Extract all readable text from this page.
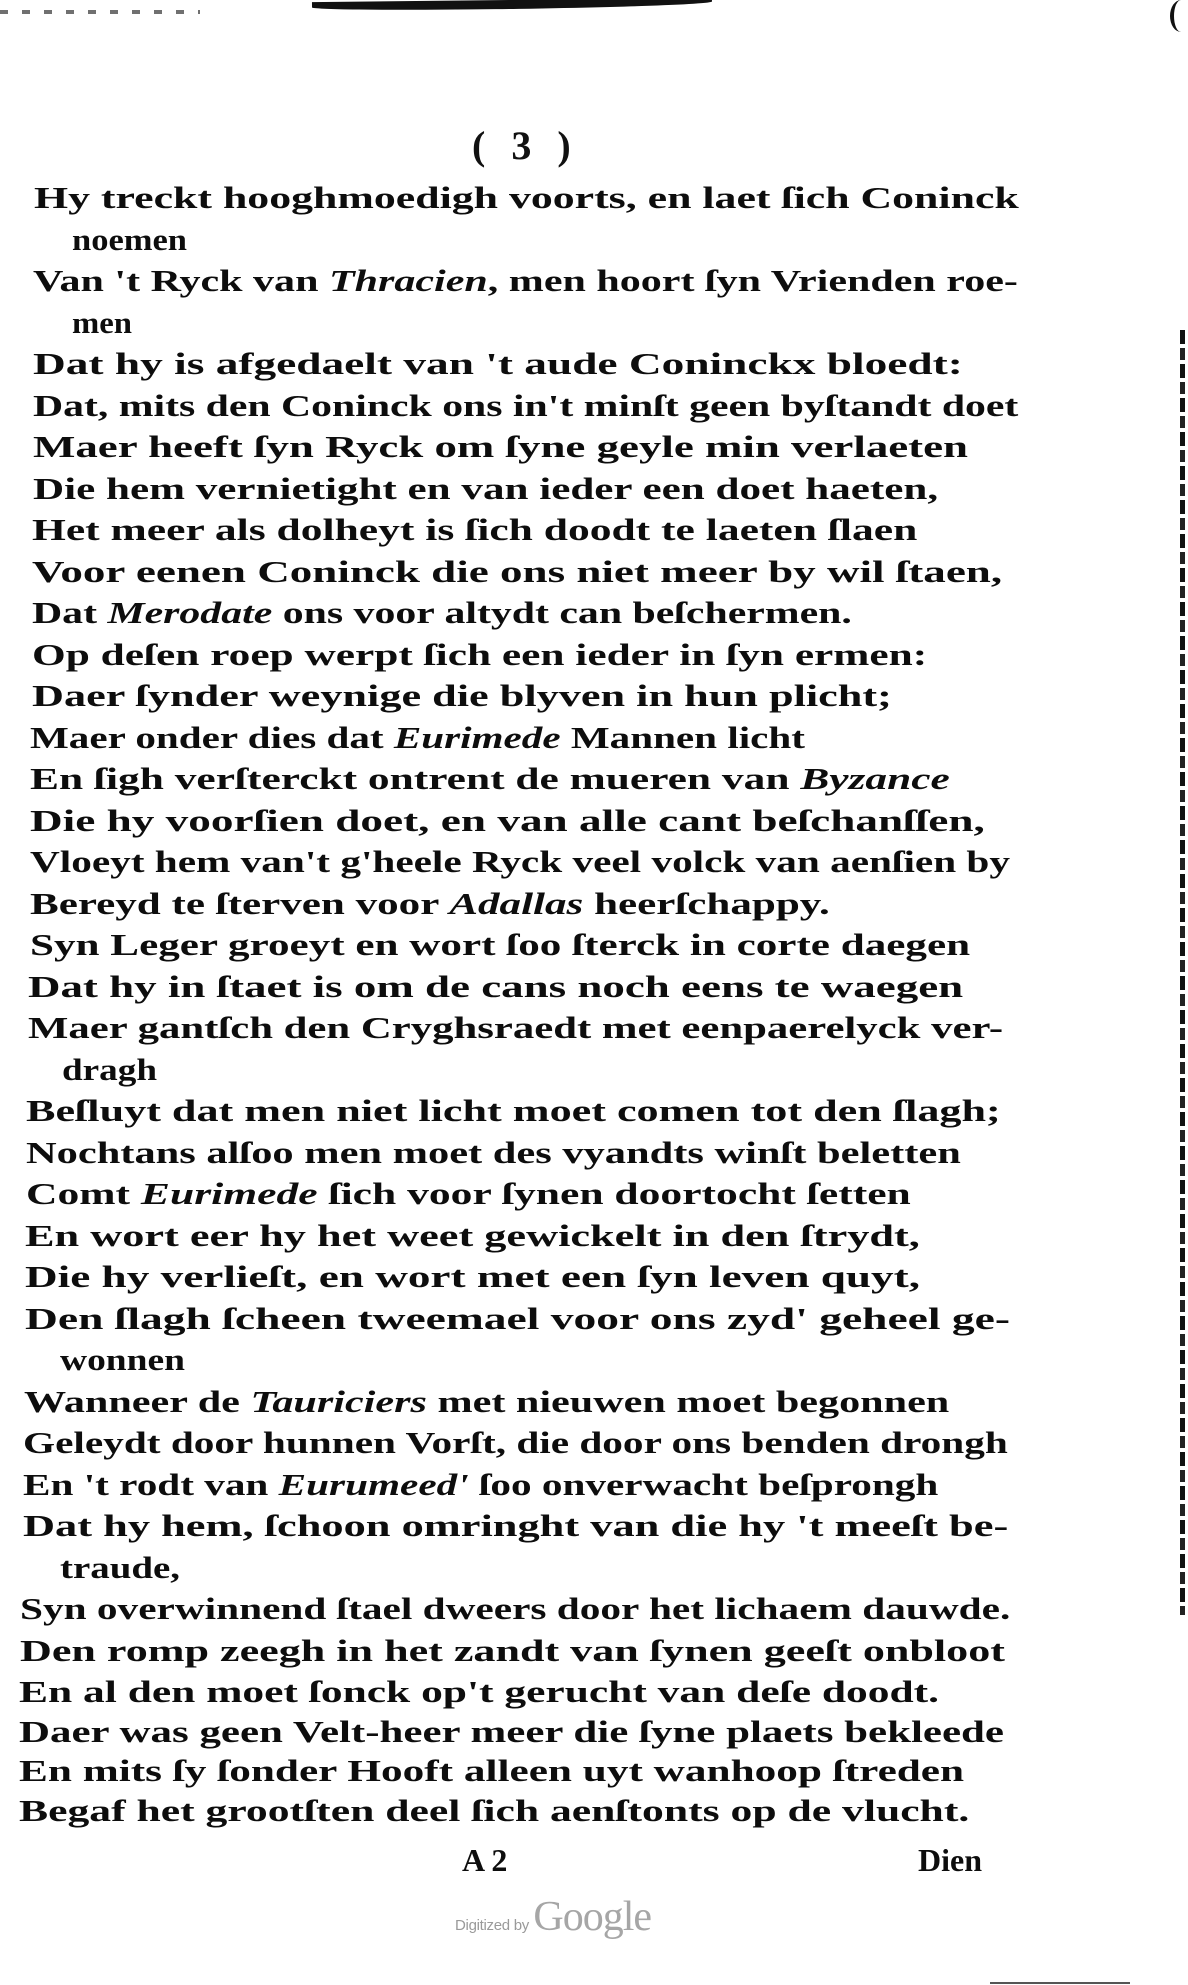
( 3 )
Hy treckt hooghmoedigh voorts, en laet ſich Coninck
noemen
Van 't Ryck van Thracien, men hoort ſyn Vrienden roe-
men
Dat hy is afgedaelt van 't aude Coninckx bloedt:
Dat, mits den Coninck ons in't minſt geen byſtandt doet
Maer heeft ſyn Ryck om ſyne geyle min verlaeten
Die hem vernietight en van ieder een doet haeten,
Het meer als dolheyt is ſich doodt te laeten ſlaen
Voor eenen Coninck die ons niet meer by wil ſtaen,
Dat Merodate ons voor altydt can beſchermen.
Op deſen roep werpt ſich een ieder in ſyn ermen:
Daer ſynder weynige die blyven in hun plicht;
Maer onder dies dat Eurimede Mannen licht
En ſigh verſterckt ontrent de mueren van Byzance
Die hy voorſien doet, en van alle cant beſchanſſen,
Vloeyt hem van't g'heele Ryck veel volck van aenſien by
Bereyd te ſterven voor Adallas heerſchappy.
Syn Leger groeyt en wort ſoo ſterck in corte daegen
Dat hy in ſtaet is om de cans noch eens te waegen
Maer gantſch den Cryghsraedt met eenpaerelyck ver-
dragh
Beſluyt dat men niet licht moet comen tot den ſlagh;
Nochtans alſoo men moet des vyandts winſt beletten
Comt Eurimede ſich voor ſynen doortocht ſetten
En wort eer hy het weet gewickelt in den ſtrydt,
Die hy verlieſt, en wort met een ſyn leven quyt,
Den ſlagh ſcheen tweemael voor ons zyd' geheel ge-
wonnen
Wanneer de Tauriciers met nieuwen moet begonnen
Geleydt door hunnen Vorſt, die door ons benden drongh
En 't rodt van Eurumeed' ſoo onverwacht beſprongh
Dat hy hem, ſchoon omringht van die hy 't meeſt be-
traude,
Syn overwinnend ſtael dweers door het lichaem dauwde.
Den romp zeegh in het zandt van ſynen geeſt onbloot
En al den moet ſonck op't gerucht van deſe doodt.
Daer was geen Velt-heer meer die ſyne plaets bekleede
En mits ſy ſonder Hooft alleen uyt wanhoop ſtreden
Begaf het grootſten deel ſich aenſtonts op de vlucht.
A 2	Dien
Digitized by Google
